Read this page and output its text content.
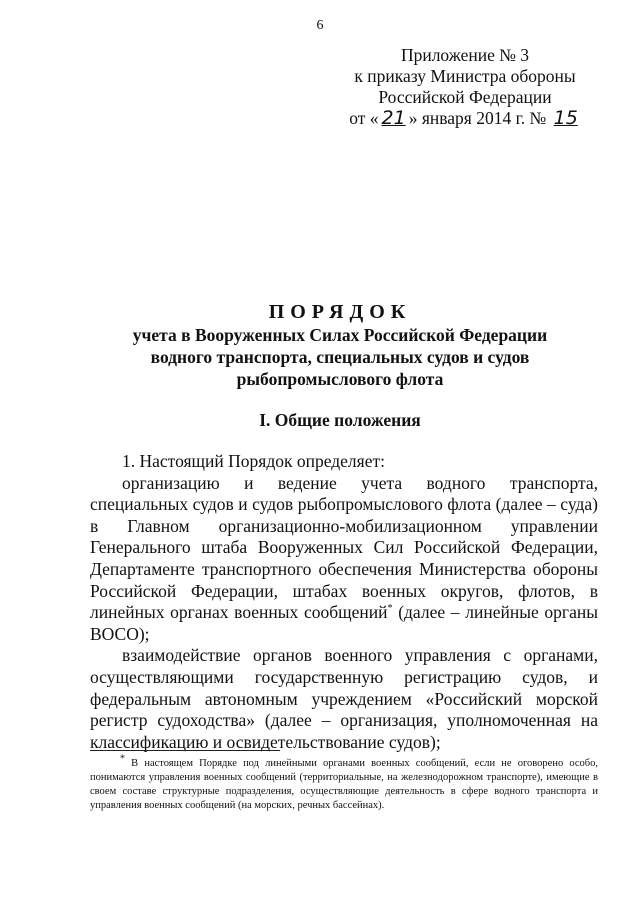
6
Приложение № 3
к приказу Министра обороны
Российской Федерации
от « 21 » января 2014 г. № 15
ПОРЯДОК
учета в Вооруженных Силах Российской Федерации
водного транспорта, специальных судов и судов
рыбопромыслового флота
I. Общие положения

1. Настоящий Порядок определяет:

организацию и ведение учета водного транспорта, специальных судов и судов рыбопромыслового флота (далее – суда) в Главном организационно-мобилизационном управлении Генерального штаба Вооруженных Сил Российской Федерации, Департаменте транспортного обеспечения Министерства обороны Российской Федерации, штабах военных округов, флотов, в линейных органах военных сообщений* (далее – линейные органы ВОСО);

взаимодействие органов военного управления с органами, осуществляющими государственную регистрацию судов, и федеральным автономным учреждением «Российский морской регистр судоходства» (далее – организация, уполномоченная на классификацию и освидетельствование судов);

* В настоящем Порядке под линейными органами военных сообщений, если не оговорено особо, понимаются управления военных сообщений (территориальные, на железнодорожном транспорте), имеющие в своем составе структурные подразделения, осуществляющие деятельность в сфере водного транспорта и управления военных сообщений (на морских, речных бассейнах).
